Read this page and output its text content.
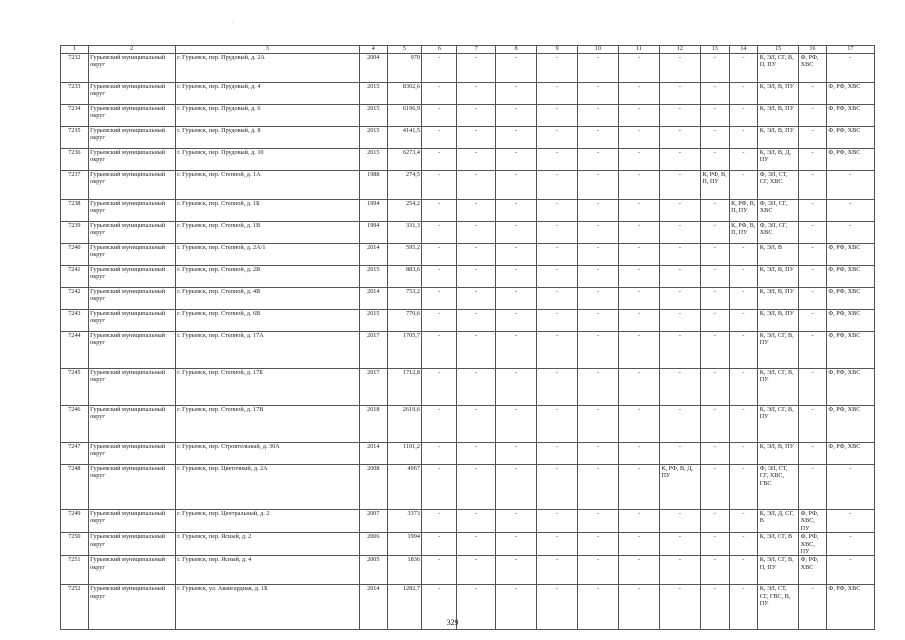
.
1	2	3	4	5	6	7	8	9	10	11	12	13	14	15	16	17
7232	Гурьевский муниципальный округ	г. Гурьевск, пер. Прудовый, д. 2А	2004	970	-	-	-	-	-	-	-	-	-	К, ЭЛ, СГ, В, П, ПУ	Ф, РФ, ХВС	-
7233	Гурьевский муниципальный округ	г. Гурьевск, пер. Прудовый, д. 4	2015	8302,6	-	-	-	-	-	-	-	-	-	К, ЭЛ, В, ПУ	-	Ф, РФ, ХВС
7234	Гурьевский муниципальный округ	г. Гурьевск, пер. Прудовый, д. 6	2015	6196,9	-	-	-	-	-	-	-	-	-	К, ЭЛ, В, ПУ	-	Ф, РФ, ХВС
7235	Гурьевский муниципальный округ	г. Гурьевск, пер. Прудовый, д. 8	2015	4141,5	-	-	-	-	-	-	-	-	-	К, ЭЛ, В, ПУ	-	Ф, РФ, ХВС
7236	Гурьевский муниципальный округ	г. Гурьевск, пер. Прудовый, д. 10	2015	6273,4	-	-	-	-	-	-	-	-	-	К, ЭЛ, В, Д, ПУ	-	Ф, РФ, ХВС
7237	Гурьевский муниципальный округ	г. Гурьевск, пер. Степной, д. 1А	1988	274,5	-	-	-	-	-	-	-	К, РФ, В, П, ПУ	-	Ф, ЭЛ, СТ, СГ, ХВС	-	-
7238	Гурьевский муниципальный округ	г. Гурьевск, пер. Степной, д. 1Б	1994	254,2	-	-	-	-	-	-	-	-	К, РФ, В, П, ПУ	Ф, ЭЛ, СГ, ХВС	-	-
7239	Гурьевский муниципальный округ	г. Гурьевск, пер. Степной, д. 1В	1994	331,3	-	-	-	-	-	-	-	-	К, РФ, В, П, ПУ	Ф, ЭЛ, СГ, ХВС	-	-
7240	Гурьевский муниципальный округ	г. Гурьевск, пер. Степной, д. 2А/1	2014	595,2	-	-	-	-	-	-	-	-	-	К, ЭЛ, В	-	Ф, РФ, ХВС
7241	Гурьевский муниципальный округ	г. Гурьевск, пер. Степной, д. 2В	2015	883,6	-	-	-	-	-	-	-	-	-	К, ЭЛ, В, ПУ	-	Ф, РФ, ХВС
7242	Гурьевский муниципальный округ	г. Гурьевск, пер. Степной, д. 4В	2014	753,2	-	-	-	-	-	-	-	-	-	К, ЭЛ, В, ПУ	-	Ф, РФ, ХВС
7243	Гурьевский муниципальный округ	г. Гурьевск, пер. Степной, д. 6В	2015	770,6	-	-	-	-	-	-	-	-	-	К, ЭЛ, В, ПУ	-	Ф, РФ, ХВС
7244	Гурьевский муниципальный округ	г. Гурьевск, пер. Степной, д. 17А	2017	1705,7	-	-	-	-	-	-	-	-	-	К, ЭЛ, СГ, В, ПУ	-	Ф, РФ, ХВС
7245	Гурьевский муниципальный округ	г. Гурьевск, пер. Степной, д. 17Б	2017	1712,8	-	-	-	-	-	-	-	-	-	К, ЭЛ, СГ, В, ПУ	-	Ф, РФ, ХВС
7246	Гурьевский муниципальный округ	г. Гурьевск, пер. Степной, д. 17В	2018	2619,6	-	-	-	-	-	-	-	-	-	К, ЭЛ, СГ, В, ПУ	-	Ф, РФ, ХВС
7247	Гурьевский муниципальный округ	г. Гурьевск, пер. Строительный, д. 30А	2014	1101,2	-	-	-	-	-	-	-	-	-	К, ЭЛ, В, ПУ	-	Ф, РФ, ХВС
7248	Гурьевский муниципальный округ	г. Гурьевск, пер. Цветочный, д. 2А	2008	4967	-	-	-	-	-	-	К, РФ, В, Д, ПУ	-	-	Ф, ЭЛ, СТ, СГ, ХВС, ГВС	-	-
7249	Гурьевский муниципальный округ	г. Гурьевск, пер. Центральный, д. 2	2007	3373	-	-	-	-	-	-	-	-	-	К, ЭЛ, Д, СГ, В	Ф, РФ, ХВС, ПУ	-
7250	Гурьевский муниципальный округ	г. Гурьевск, пер. Ясный, д. 2	2006	1994	-	-	-	-	-	-	-	-	-	К, ЭЛ, СГ, В	Ф, РФ, ХВС, ПУ	-
7251	Гурьевский муниципальный округ	г. Гурьевск, пер. Ясный, д. 4	2005	1836	-	-	-	-	-	-	-	-	-	К, ЭЛ, СГ, В, П, ПУ	Ф, РФ, ХВС	-
7252	Гурьевский муниципальный округ	г. Гурьевск, ул. Авангардная, д. 1Б	2014	1282,7	-	-	-	-	-	-	-	-	-	К, ЭЛ, СТ, СГ, ГВС, В, ПУ	-	Ф, РФ, ХВС
329
